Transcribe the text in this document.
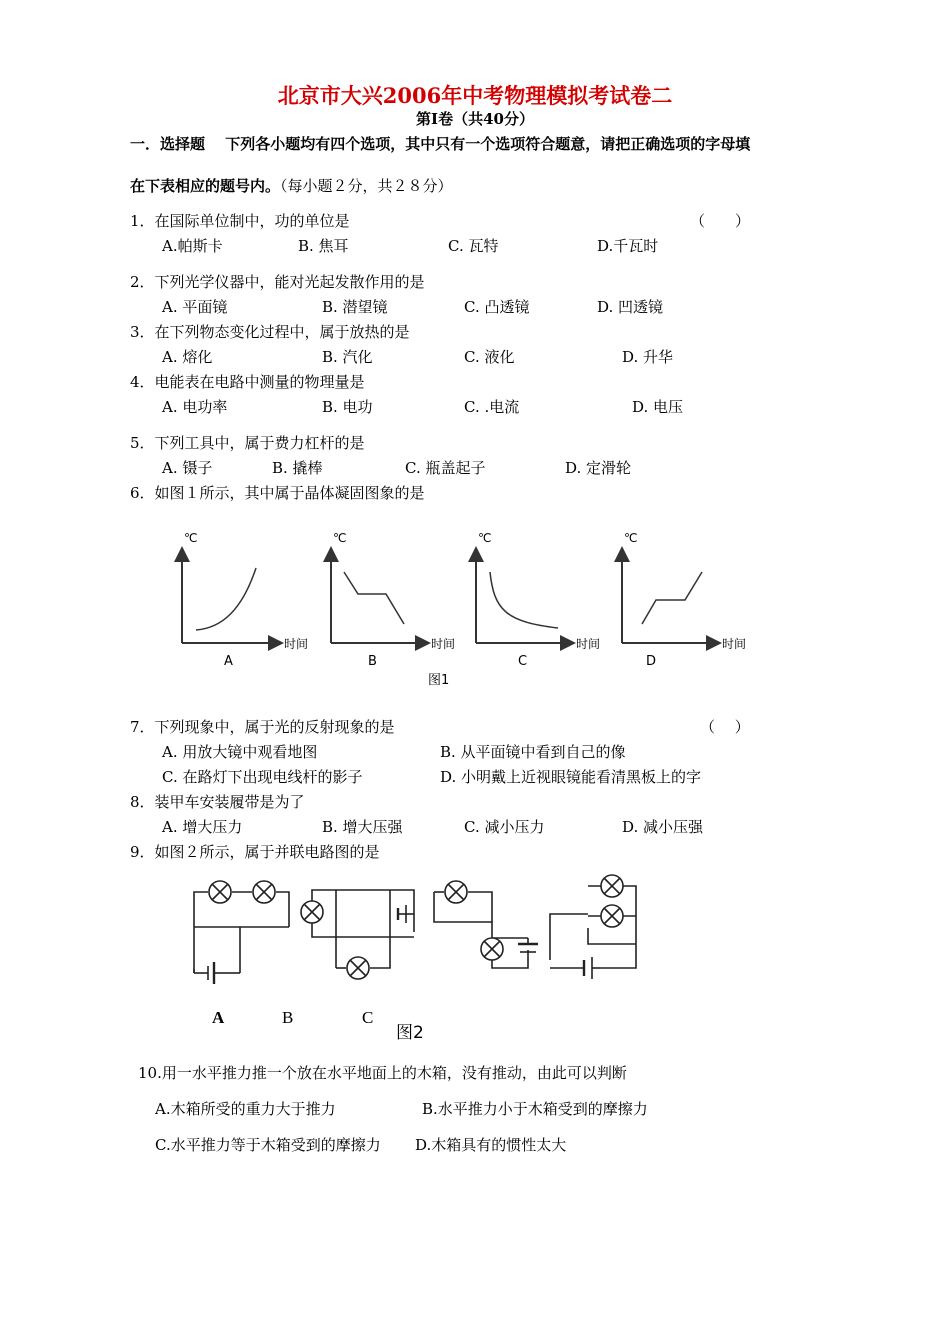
北京市大兴2006年中考物理模拟考试卷二
第Ⅰ卷（共40分）
一．选择题　 下列各小题均有四个选项，其中只有一个选项符合题意，请把正确选项的字母填
在下表相应的题号内。（每小题２分，共２８分）
1．在国际单位制中，功的单位是	（　　）
A.帕斯卡	B. 焦耳	C. 瓦特	D.千瓦时
2．下列光学仪器中，能对光起发散作用的是
A. 平面镜	B. 潜望镜	C. 凸透镜	D. 凹透镜
3．在下列物态变化过程中，属于放热的是
A. 熔化	B. 汽化	C. 液化	D. 升华
4．电能表在电路中测量的物理量是
A. 电功率	B. 电功	C. .电流	D. 电压
5．下列工具中，属于费力杠杆的是
A. 镊子	B. 撬棒	C. 瓶盖起子	D. 定滑轮
6．如图１所示，其中属于晶体凝固图象的是
℃
时间
A
℃
时间
B
℃
时间
C
℃
时间
D
图1
7．下列现象中，属于光的反射现象的是	（　 ）
A. 用放大镜中观看地图	B. 从平面镜中看到自己的像
C. 在路灯下出现电线杆的影子	D. 小明戴上近视眼镜能看清黑板上的字
8．装甲车安装履带是为了
A. 增大压力	B. 增大压强	C. 减小压力	D. 减小压强
9．如图２所示，属于并联电路图的是
A	B	C
图2
10.用一水平推力推一个放在水平地面上的木箱，没有推动，由此可以判断
A.木箱所受的重力大于推力	B.水平推力小于木箱受到的摩擦力
C.水平推力等于木箱受到的摩擦力 D.木箱具有的惯性太大
